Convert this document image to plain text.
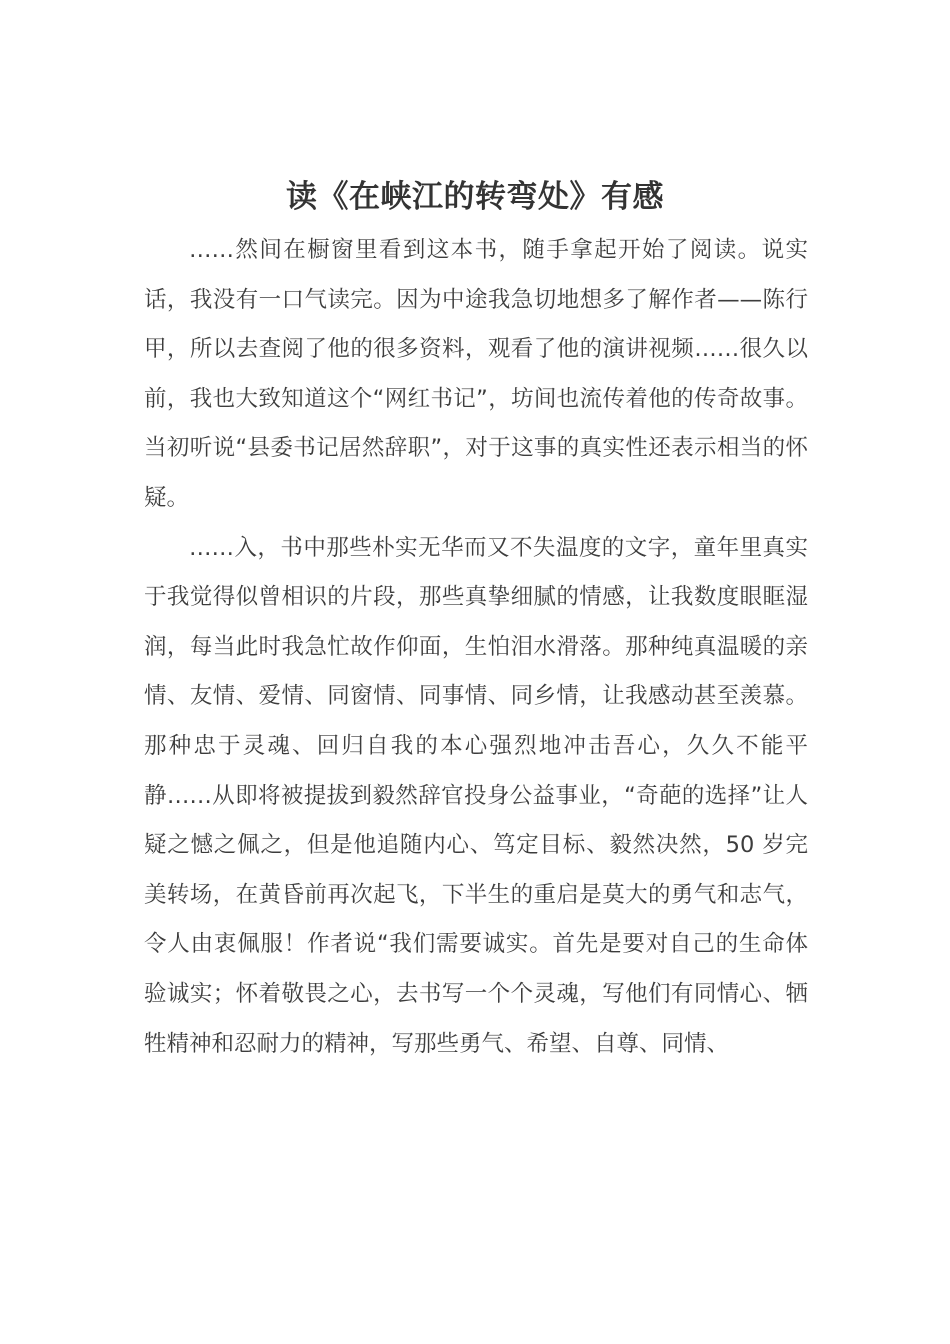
读《在峡江的转弯处》有感

……然间在橱窗里看到这本书，随手拿起开始了阅读。说实话，我没有一口气读完。因为中途我急切地想多了解作者——陈行甲，所以去查阅了他的很多资料，观看了他的演讲视频……很久以前，我也大致知道这个“网红书记”，坊间也流传着他的传奇故事。当初听说“县委书记居然辞职”，对于这事的真实性还表示相当的怀疑。

……入，书中那些朴实无华而又不失温度的文字，童年里真实于我觉得似曾相识的片段，那些真挚细腻的情感，让我数度眼眶湿润，每当此时我急忙故作仰面，生怕泪水滑落。那种纯真温暖的亲情、友情、爱情、同窗情、同事情、同乡情，让我感动甚至羡慕。那种忠于灵魂、回归自我的本心强烈地冲击吾心，久久不能平静……从即将被提拔到毅然辞官投身公益事业，“奇葩的选择”让人疑之憾之佩之，但是他追随内心、笃定目标、毅然决然，50 岁完美转场，在黄昏前再次起飞，下半生的重启是莫大的勇气和志气，令人由衷佩服！作者说“我们需要诚实。首先是要对自己的生命体验诚实；怀着敬畏之心，去书写一个个灵魂，写他们有同情心、牺牲精神和忍耐力的精神，写那些勇气、希望、自尊、同情、
